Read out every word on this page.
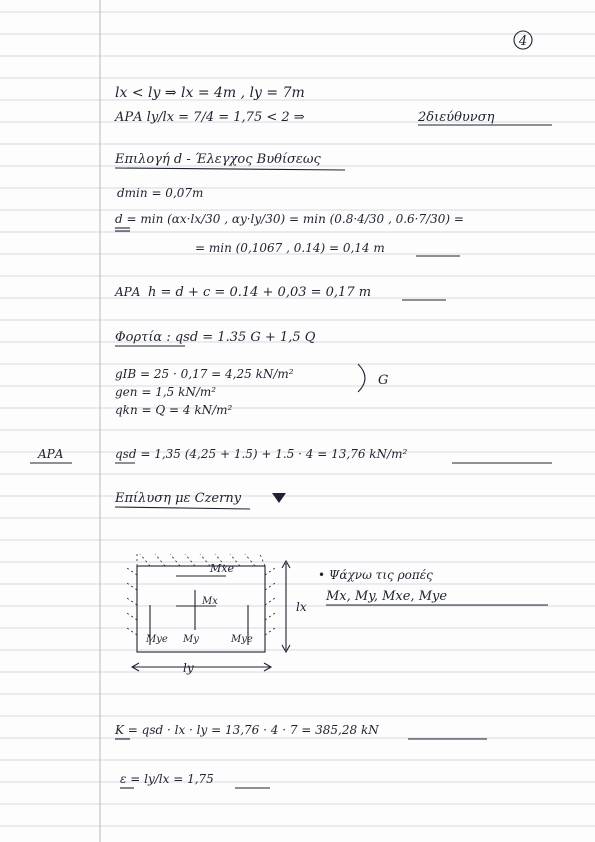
4
lx < ly ⇒ lx = 4m , ly = 7m
ΑΡΑ ly/lx = 7/4 = 1,75 < 2 ⇒	2διεύθυνση
Επιλογή d - Έλεγχος Βυθίσεως
dmin = 0,07m
d = min (αx·lx/30 , αy·ly/30) = min (0.8·4/30 , 0.6·7/30) =
= min (0,1067 , 0.14) = 0,14 m
ΑΡΑ h = d + c = 0.14 + 0,03 = 0,17 m
Φορτία : qsd = 1.35 G + 1,5 Q
gIB = 25 · 0,17 = 4,25 kN/m²
gen = 1,5 kN/m²
qkn = Q = 4 kN/m²
G
ΑΡΑ	qsd = 1,35 (4,25 + 1.5) + 1.5 · 4 = 13,76 kN/m²
Επίλυση με Czerny
Mxe
Mx
Mye My	Mye
lx
ly
• Ψάχνω τις ροπές
Mx, My, Mxe, Mye
K = qsd · lx · ly = 13,76 · 4 · 7 = 385,28 kN
ε = ly/lx = 1,75
